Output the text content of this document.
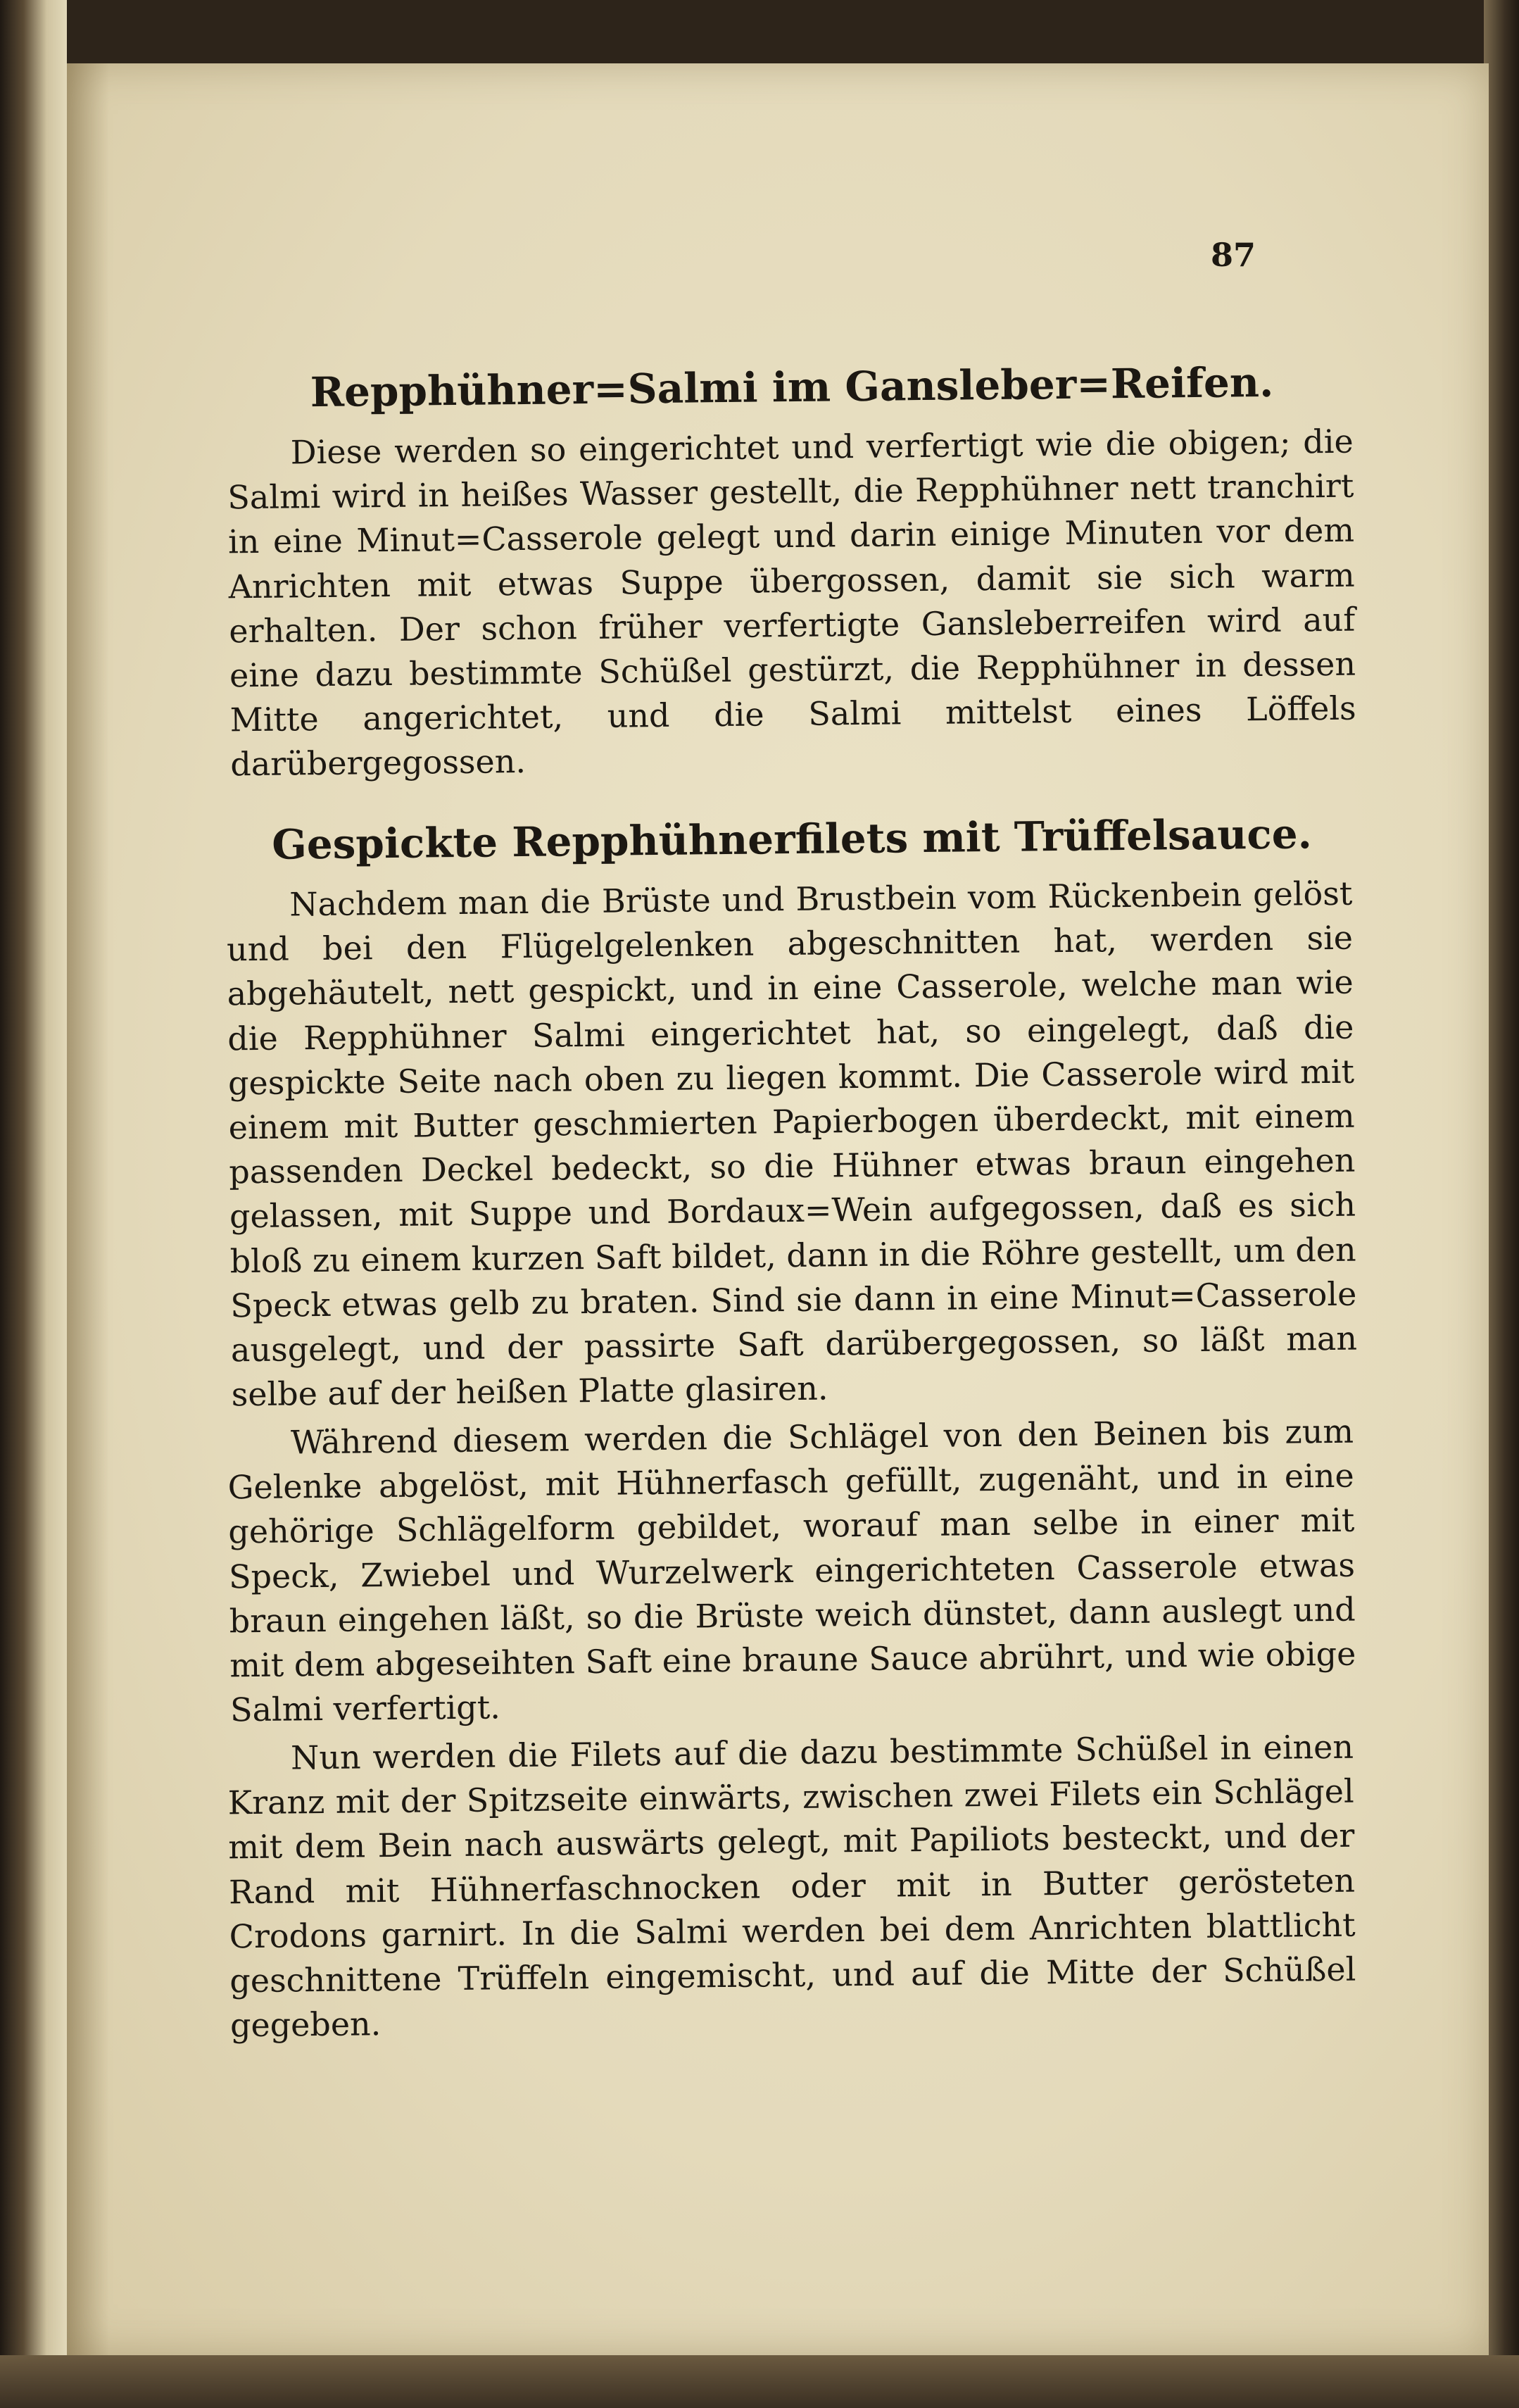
87
Repphühner=Salmi im Gansleber=Reifen.

Diese werden so eingerichtet und verfertigt wie die obigen; die Salmi wird in heißes Wasser gestellt, die Repphühner nett tranchirt in eine Minut=Casserole gelegt und darin einige Minuten vor dem Anrichten mit etwas Suppe übergossen, damit sie sich warm erhalten. Der schon früher verfertigte Gansleberreifen wird auf eine dazu bestimmte Schüßel gestürzt, die Repphühner in dessen Mitte angerichtet, und die Salmi mittelst eines Löffels darübergegossen.

Gespickte Repphühnerfilets mit Trüffelsauce.

Nachdem man die Brüste und Brustbein vom Rückenbein gelöst und bei den Flügelgelenken abgeschnitten hat, werden sie abgehäutelt, nett gespickt, und in eine Casserole, welche man wie die Repphühner Salmi eingerichtet hat, so eingelegt, daß die gespickte Seite nach oben zu liegen kommt. Die Casserole wird mit einem mit Butter geschmierten Papierbogen überdeckt, mit einem passenden Deckel bedeckt, so die Hühner etwas braun eingehen gelassen, mit Suppe und Bordaux=Wein aufgegossen, daß es sich bloß zu einem kurzen Saft bildet, dann in die Röhre gestellt, um den Speck etwas gelb zu braten. Sind sie dann in eine Minut=Casserole ausgelegt, und der passirte Saft darübergegossen, so läßt man selbe auf der heißen Platte glasiren.

Während diesem werden die Schlägel von den Beinen bis zum Gelenke abgelöst, mit Hühnerfasch gefüllt, zugenäht, und in eine gehörige Schlägelform gebildet, worauf man selbe in einer mit Speck, Zwiebel und Wurzelwerk eingerichteten Casserole etwas braun eingehen läßt, so die Brüste weich dünstet, dann auslegt und mit dem abgeseihten Saft eine braune Sauce abrührt, und wie obige Salmi verfertigt.

Nun werden die Filets auf die dazu bestimmte Schüßel in einen Kranz mit der Spitzseite einwärts, zwischen zwei Filets ein Schlägel mit dem Bein nach auswärts gelegt, mit Papiliots besteckt, und der Rand mit Hühnerfaschnocken oder mit in Butter gerösteten Crodons garnirt. In die Salmi werden bei dem Anrichten blattlicht geschnittene Trüffeln eingemischt, und auf die Mitte der Schüßel gegeben.
